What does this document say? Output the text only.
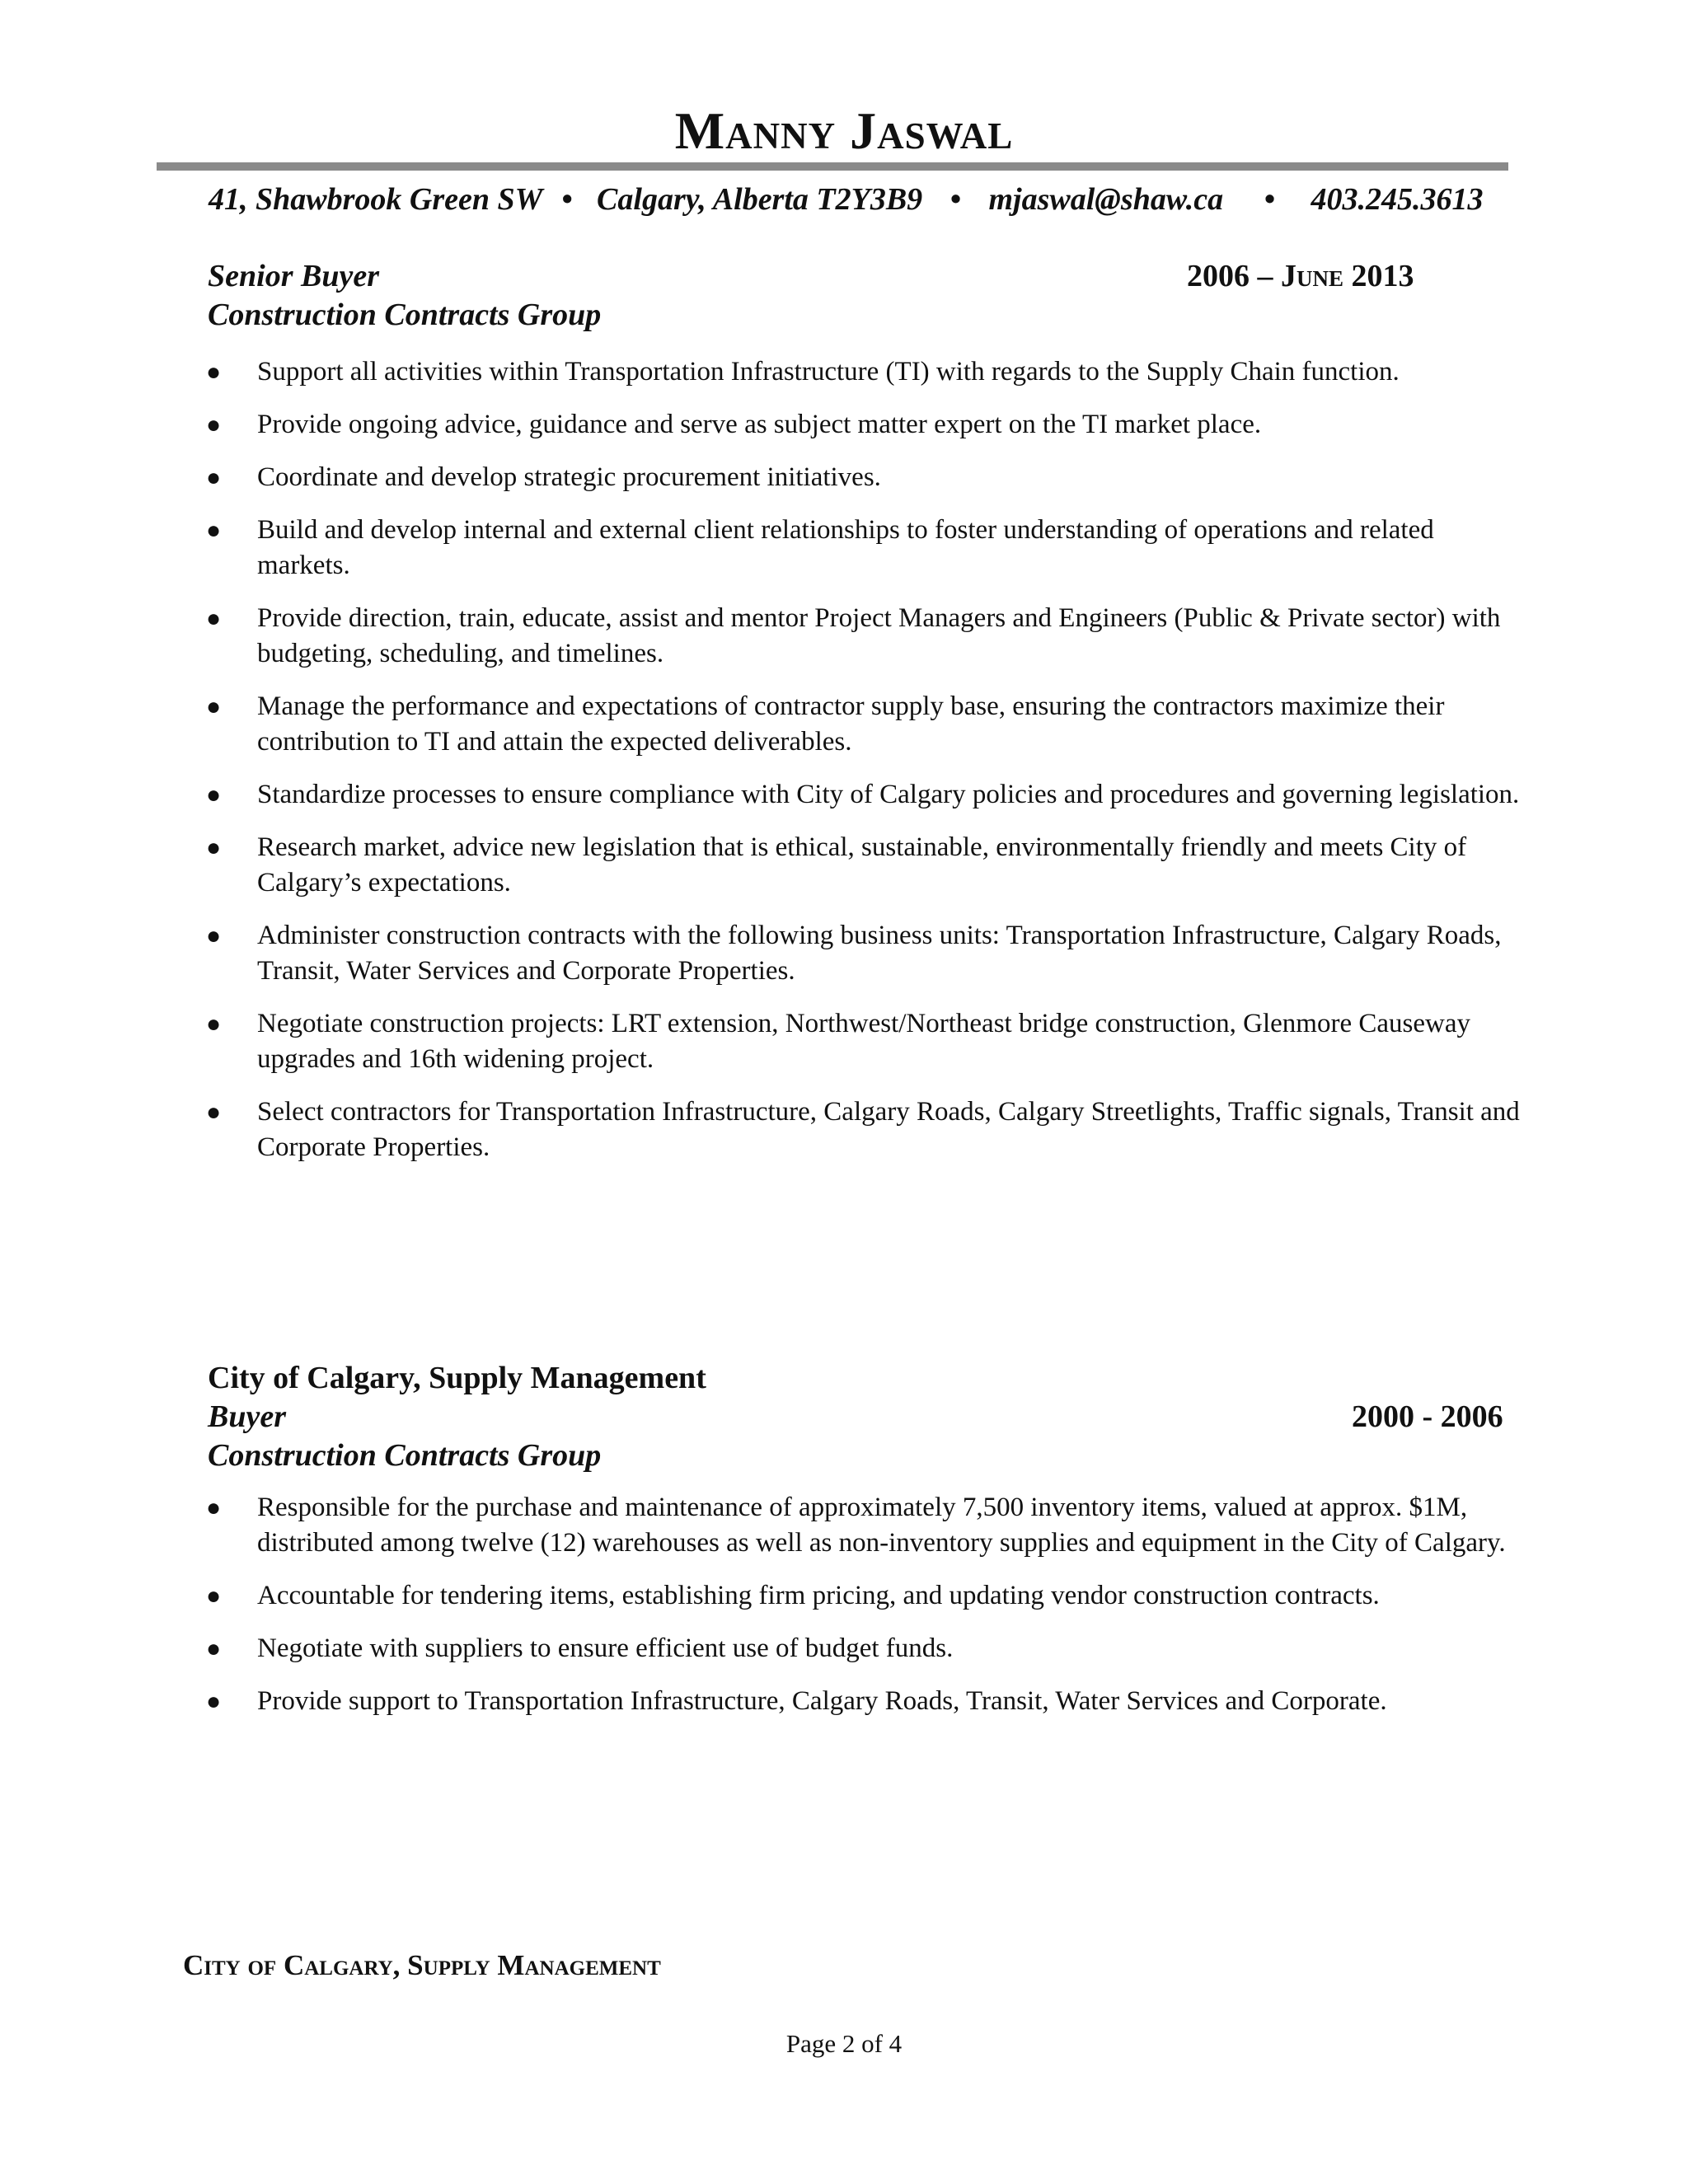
Manny Jaswal
41, Shawbrook Green SW • Calgary, Alberta T2Y3B9 • mjaswal@shaw.ca • 403.245.3613
Senior Buyer	2006 – June 2013
Construction Contracts Group
● Support all activities within Transportation Infrastructure (TI) with regards to the Supply Chain function.
● Provide ongoing advice, guidance and serve as subject matter expert on the TI market place.
● Coordinate and develop strategic procurement initiatives.
● Build and develop internal and external client relationships to foster understanding of operations and related markets.
● Provide direction, train, educate, assist and mentor Project Managers and Engineers (Public & Private sector) with budgeting, scheduling, and timelines.
● Manage the performance and expectations of contractor supply base, ensuring the contractors maximize their contribution to TI and attain the expected deliverables.
● Standardize processes to ensure compliance with City of Calgary policies and procedures and governing legislation.
● Research market, advice new legislation that is ethical, sustainable, environmentally friendly and meets City of Calgary’s expectations.
● Administer construction contracts with the following business units: Transportation Infrastructure, Calgary Roads, Transit, Water Services and Corporate Properties.
● Negotiate construction projects: LRT extension, Northwest/Northeast bridge construction, Glenmore Causeway upgrades and 16th widening project.
● Select contractors for Transportation Infrastructure, Calgary Roads, Calgary Streetlights, Traffic signals, Transit and Corporate Properties.
City of Calgary, Supply Management
Buyer	2000 - 2006
Construction Contracts Group
● Responsible for the purchase and maintenance of approximately 7,500 inventory items, valued at approx. $1M, distributed among twelve (12) warehouses as well as non-inventory supplies and equipment in the City of Calgary.
● Accountable for tendering items, establishing firm pricing, and updating vendor construction contracts.
● Negotiate with suppliers to ensure efficient use of budget funds.
● Provide support to Transportation Infrastructure, Calgary Roads, Transit, Water Services and Corporate.
City of Calgary, Supply Management
Page 2 of 4
